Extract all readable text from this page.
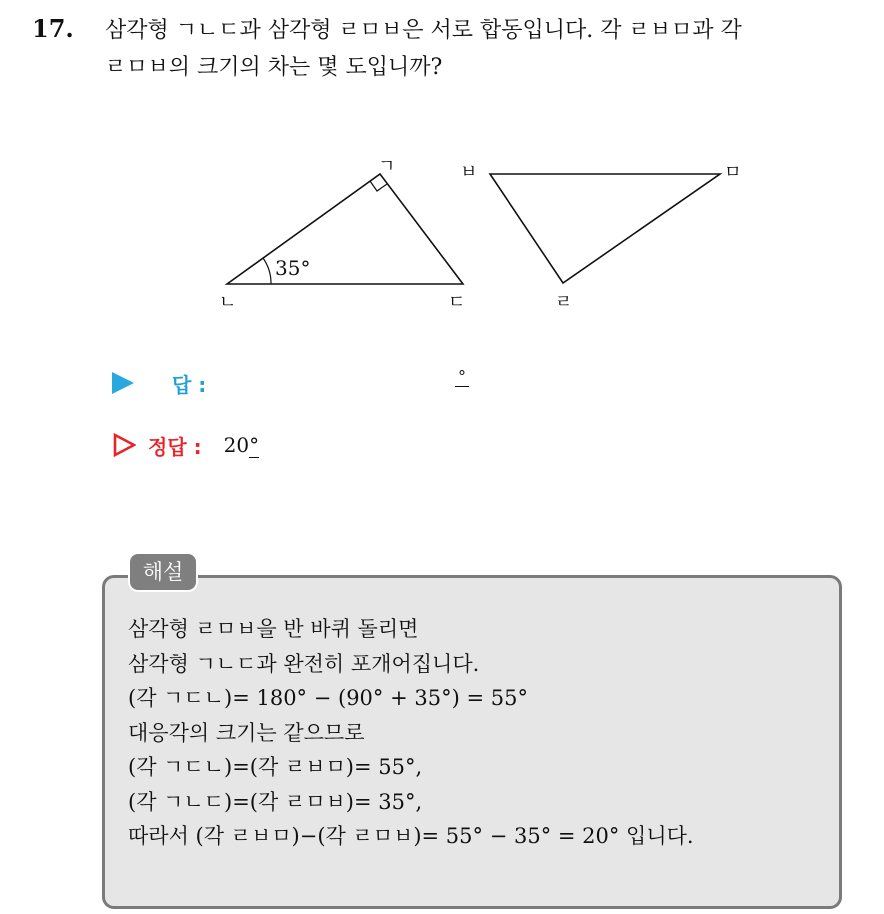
17. 삼각형 ㄱㄴㄷ과 삼각형 ㄹㅁㅂ은 서로 합동입니다. 각 ㄹㅂㅁ과 각
ㄹㅁㅂ의 크기의 차는 몇 도입니까?
35°
ㄱ
ㄴ	ㄷ
ㅂ	ㅁ
ㄹ
답 :	°
정답 : 20°
해설
삼각형 ㄹㅁㅂ을 반 바퀴 돌리면
삼각형 ㄱㄴㄷ과 완전히 포개어집니다.
(각 ㄱㄷㄴ)= 180° − (90° + 35°) = 55°
대응각의 크기는 같으므로
(각 ㄱㄷㄴ)=(각 ㄹㅂㅁ)= 55°,
(각 ㄱㄴㄷ)=(각 ㄹㅁㅂ)= 35°,
따라서 (각 ㄹㅂㅁ)−(각 ㄹㅁㅂ)= 55° − 35° = 20° 입니다.
